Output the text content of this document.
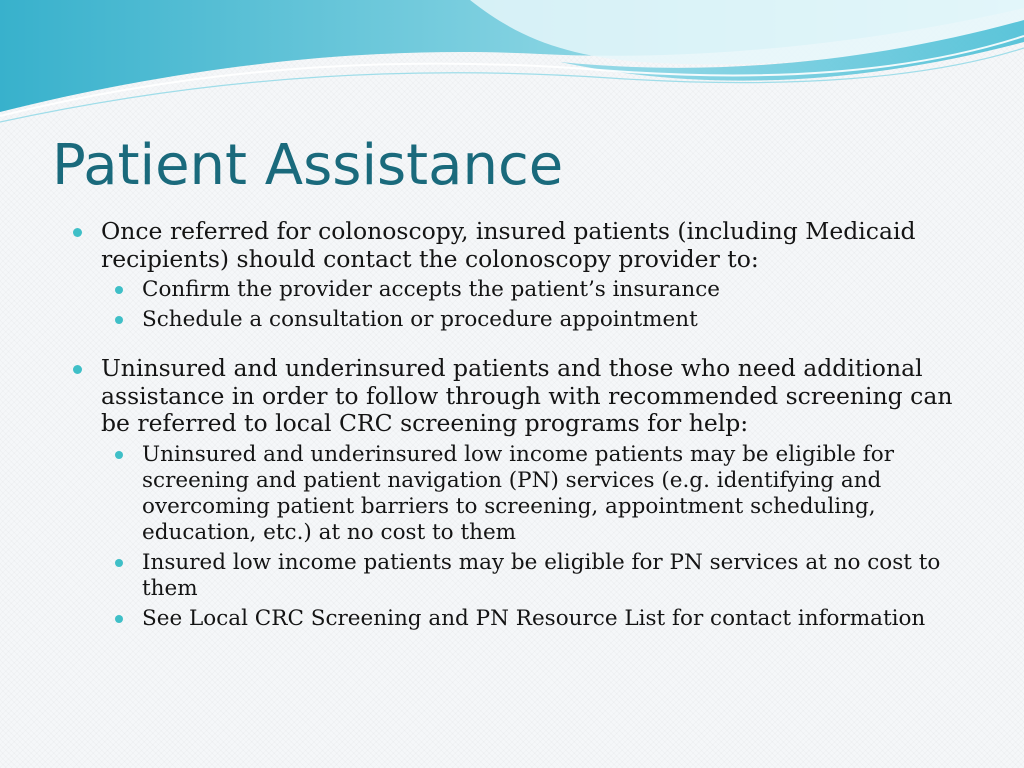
Patient Assistance

Once referred for colonoscopy, insured patients (including Medicaid recipients) should contact the colonoscopy provider to:

Confirm the provider accepts the patient’s insurance

Schedule a consultation or procedure appointment

Uninsured and underinsured patients and those who need additional assistance in order to follow through with recommended screening can be referred to local CRC screening programs for help:

Uninsured and underinsured low income patients may be eligible for screening and patient navigation (PN) services (e.g. identifying and overcoming patient barriers to screening, appointment scheduling, education, etc.) at no cost to them

Insured low income patients may be eligible for PN services at no cost to them

See Local CRC Screening and PN Resource List for contact information
